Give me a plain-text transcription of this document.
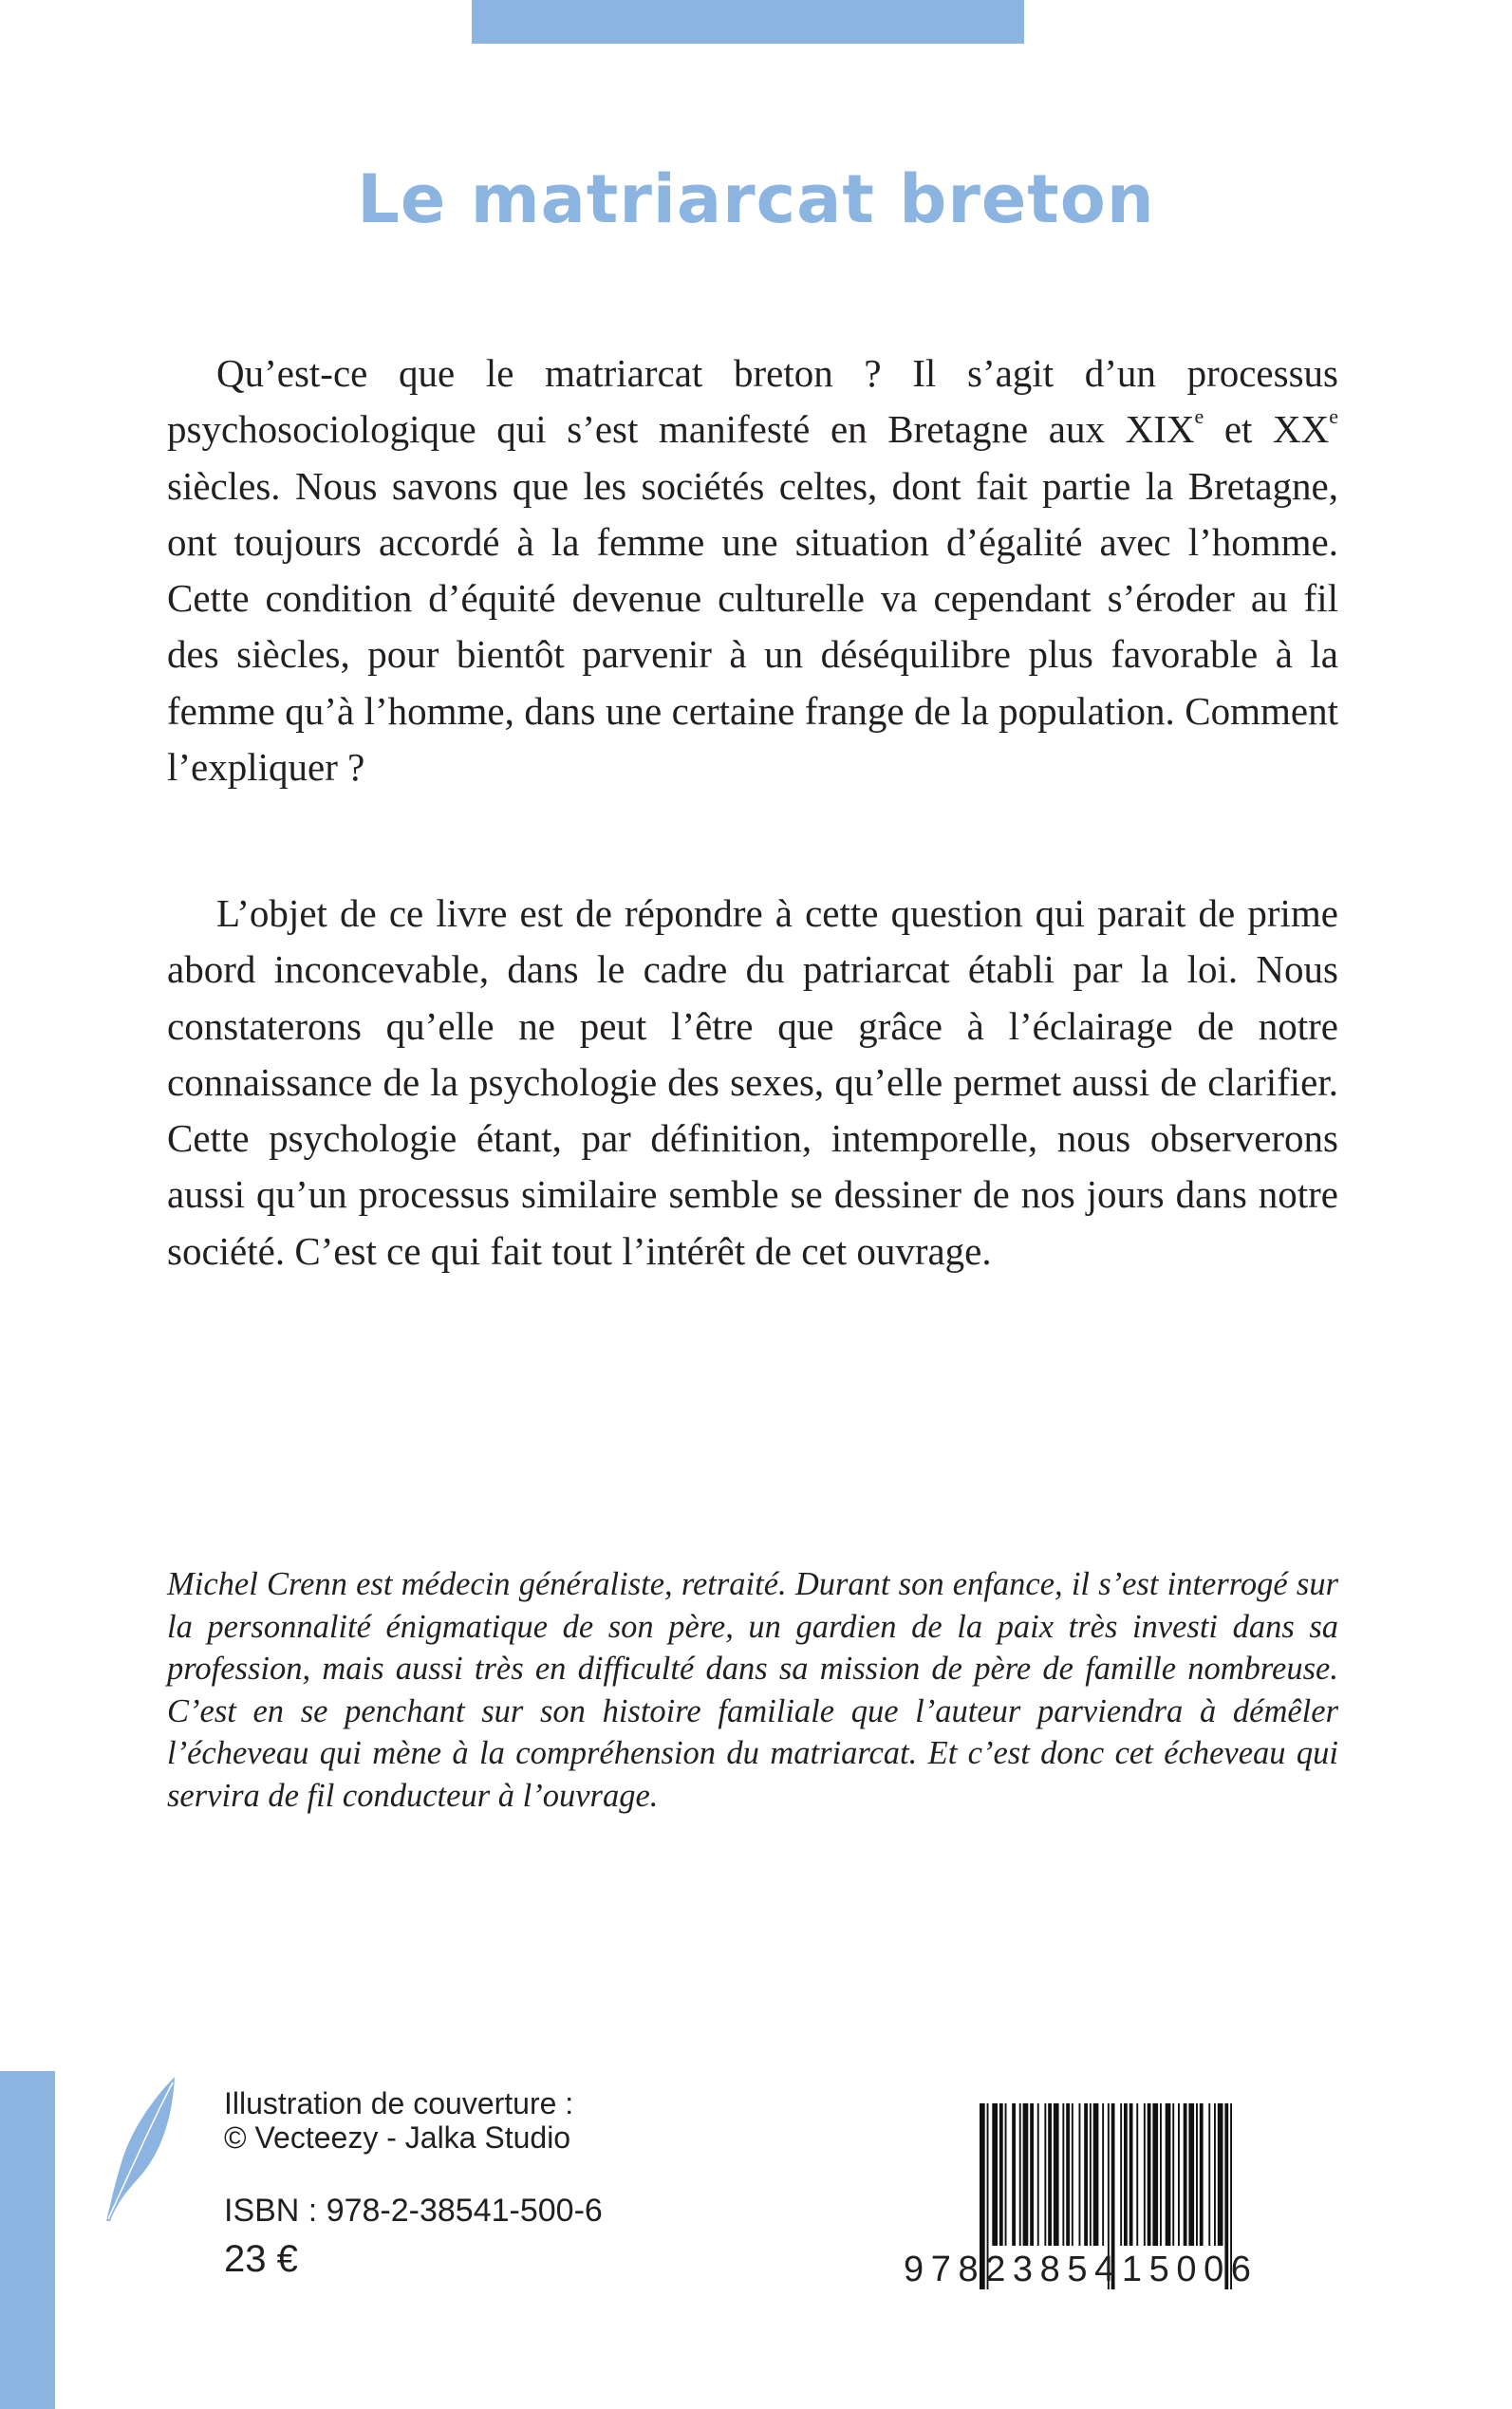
Le matriarcat breton

Qu’est-ce que le matriarcat breton ? Il s’agit d’un processus psychosociologique qui s’est manifesté en Bretagne aux XIXe et XXe siècles. Nous savons que les sociétés celtes, dont fait partie la Bretagne, ont toujours accordé à la femme une situation d’égalité avec l’homme. Cette condition d’équité devenue culturelle va cependant s’éroder au fil des siècles, pour bientôt parvenir à un déséquilibre plus favorable à la femme qu’à l’homme, dans une certaine frange de la population. Comment l’expliquer ?

L’objet de ce livre est de répondre à cette question qui parait de prime abord inconcevable, dans le cadre du patriarcat établi par la loi. Nous constaterons qu’elle ne peut l’être que grâce à l’éclairage de notre connaissance de la psychologie des sexes, qu’elle permet aussi de clarifier. Cette psychologie étant, par définition, intemporelle, nous observerons aussi qu’un processus similaire semble se dessiner de nos jours dans notre société. C’est ce qui fait tout l’intérêt de cet ouvrage.

Michel Crenn est médecin généraliste, retraité. Durant son enfance, il s’est interrogé sur la personnalité énigmatique de son père, un gardien de la paix très investi dans sa profession, mais aussi très en difficulté dans sa mission de père de famille nombreuse. C’est en se penchant sur son histoire familiale que l’auteur parviendra à démêler l’écheveau qui mène à la compréhension du matriarcat. Et c’est donc cet écheveau qui servira de fil conducteur à l’ouvrage.

Illustration de couverture :
© Vecteezy - Jalka Studio
ISBN : 978-2-38541-500-6
23 €	9782385415006
